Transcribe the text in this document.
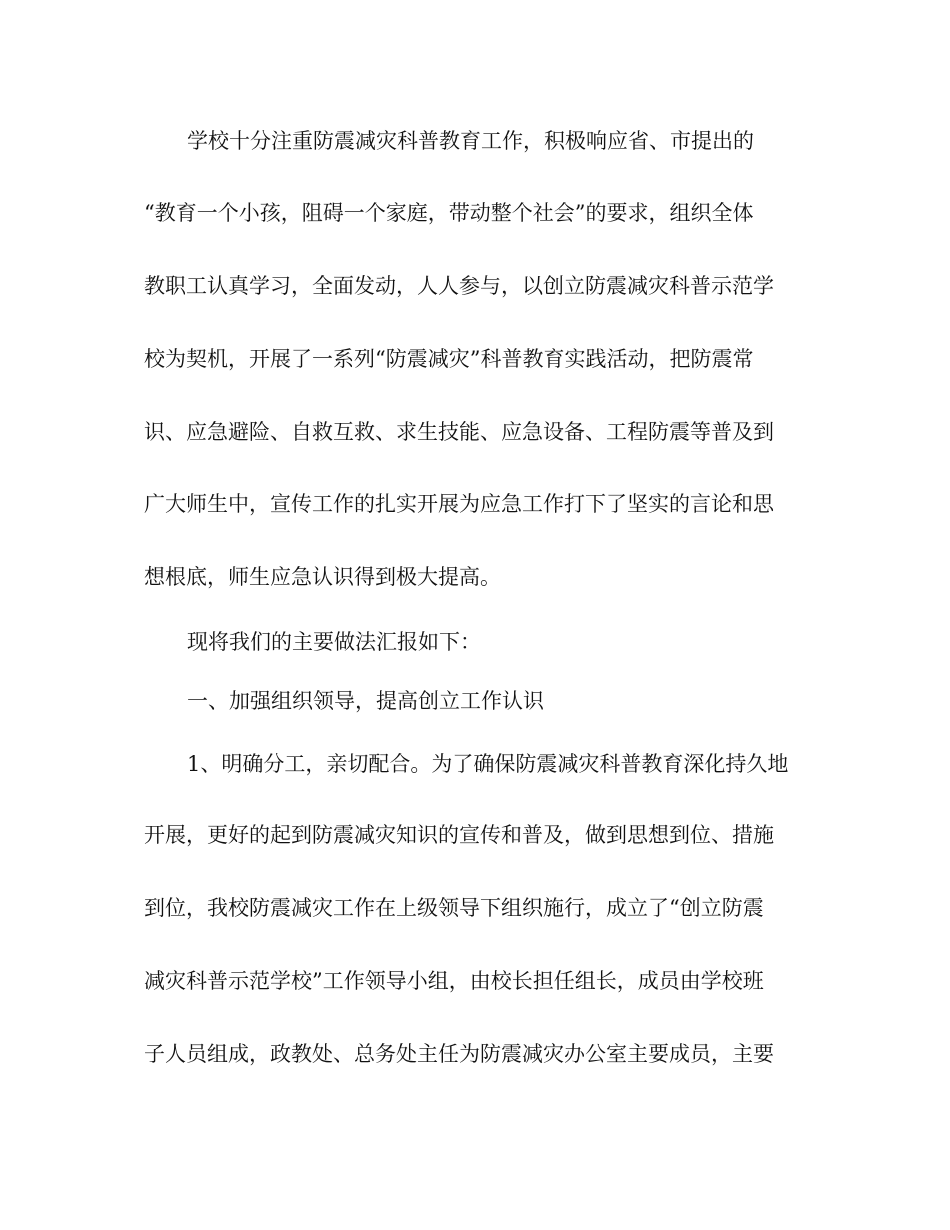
学校十分注重防震减灾科普教育工作，积极响应省、市提出的
“教育一个小孩，阻碍一个家庭，带动整个社会”的要求，组织全体
教职工认真学习，全面发动，人人参与，以创立防震减灾科普示范学
校为契机，开展了一系列“防震减灾”科普教育实践活动，把防震常
识、应急避险、自救互救、求生技能、应急设备、工程防震等普及到
广大师生中，宣传工作的扎实开展为应急工作打下了坚实的言论和思
想根底，师生应急认识得到极大提高。
现将我们的主要做法汇报如下：
一、加强组织领导，提高创立工作认识
1、明确分工，亲切配合。为了确保防震减灾科普教育深化持久地
开展，更好的起到防震减灾知识的宣传和普及，做到思想到位、措施
到位，我校防震减灾工作在上级领导下组织施行，成立了“创立防震
减灾科普示范学校”工作领导小组，由校长担任组长，成员由学校班
子人员组成，政教处、总务处主任为防震减灾办公室主要成员，主要
